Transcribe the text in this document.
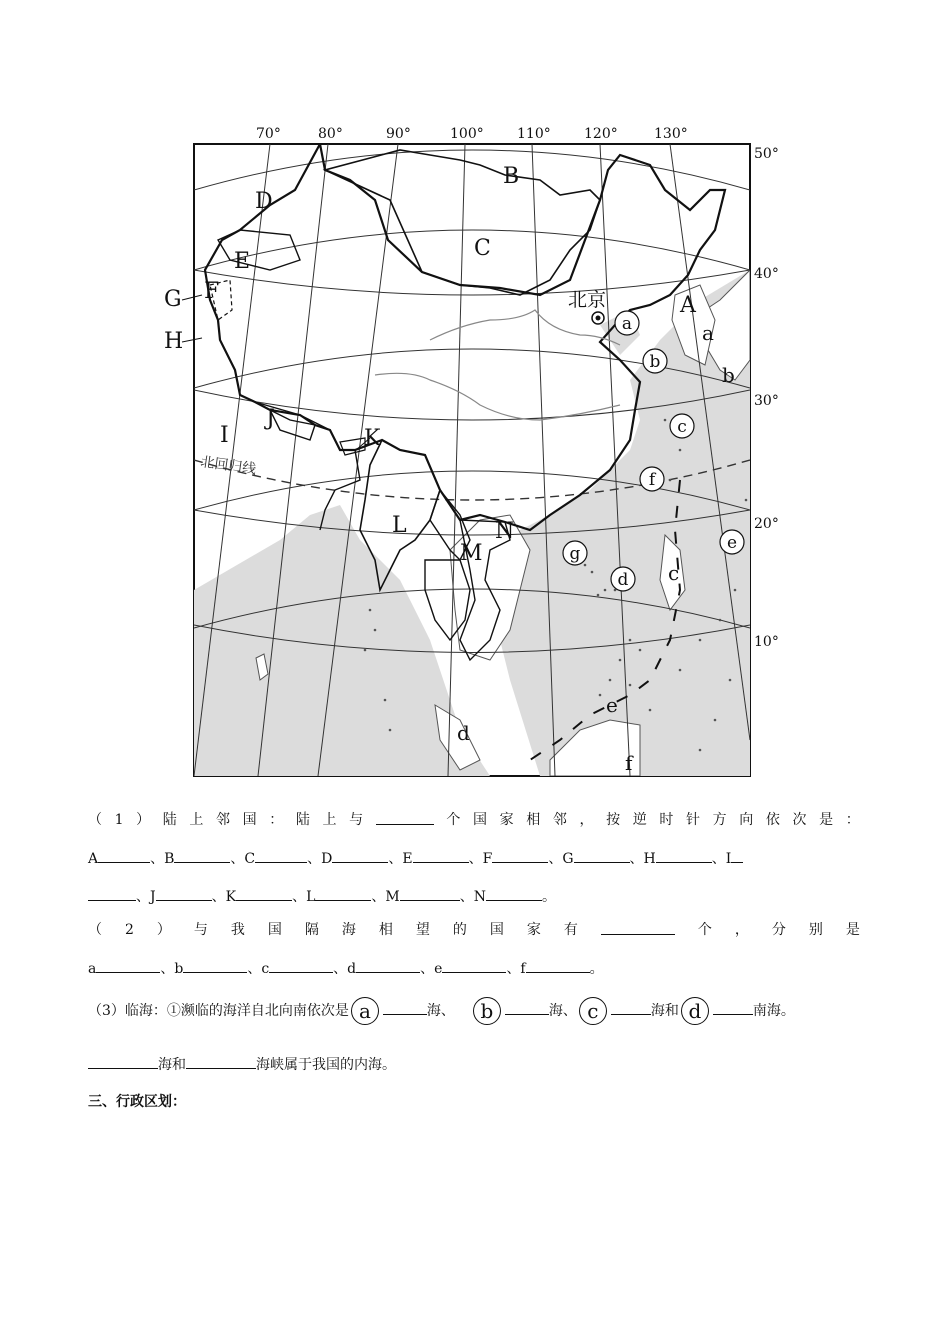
70°	80°	90°	100° 110° 120°	130°
50°
40°
30°
20°
10°
北回归线
北京	A
B
C
D
E
F
G
H
I
J
K
L
M
N
a
b
c
d
e
f
a
b
c
d
e
f
g
（ 1 ） 陆 上 邻 国 ： 陆 上 与	个 国 家 相 邻 ， 按 逆 时 针 方 向 依 次 是 ：
A	、B	、C	、D	、E	、F	、G	、H	、I
、J	、K	、L	、M	、N	。
（ 2 ） 与 我 国 隔 海 相 望 的 国 家 有	个 ， 分 别 是
a	、b	、c	、d	、e	、f	。
（3）临海：①濒临的海洋自北向南依次是 a	海、 b	海、 c	海和 d	南海。
海和	海峡属于我国的内海。
三、行政区划：
